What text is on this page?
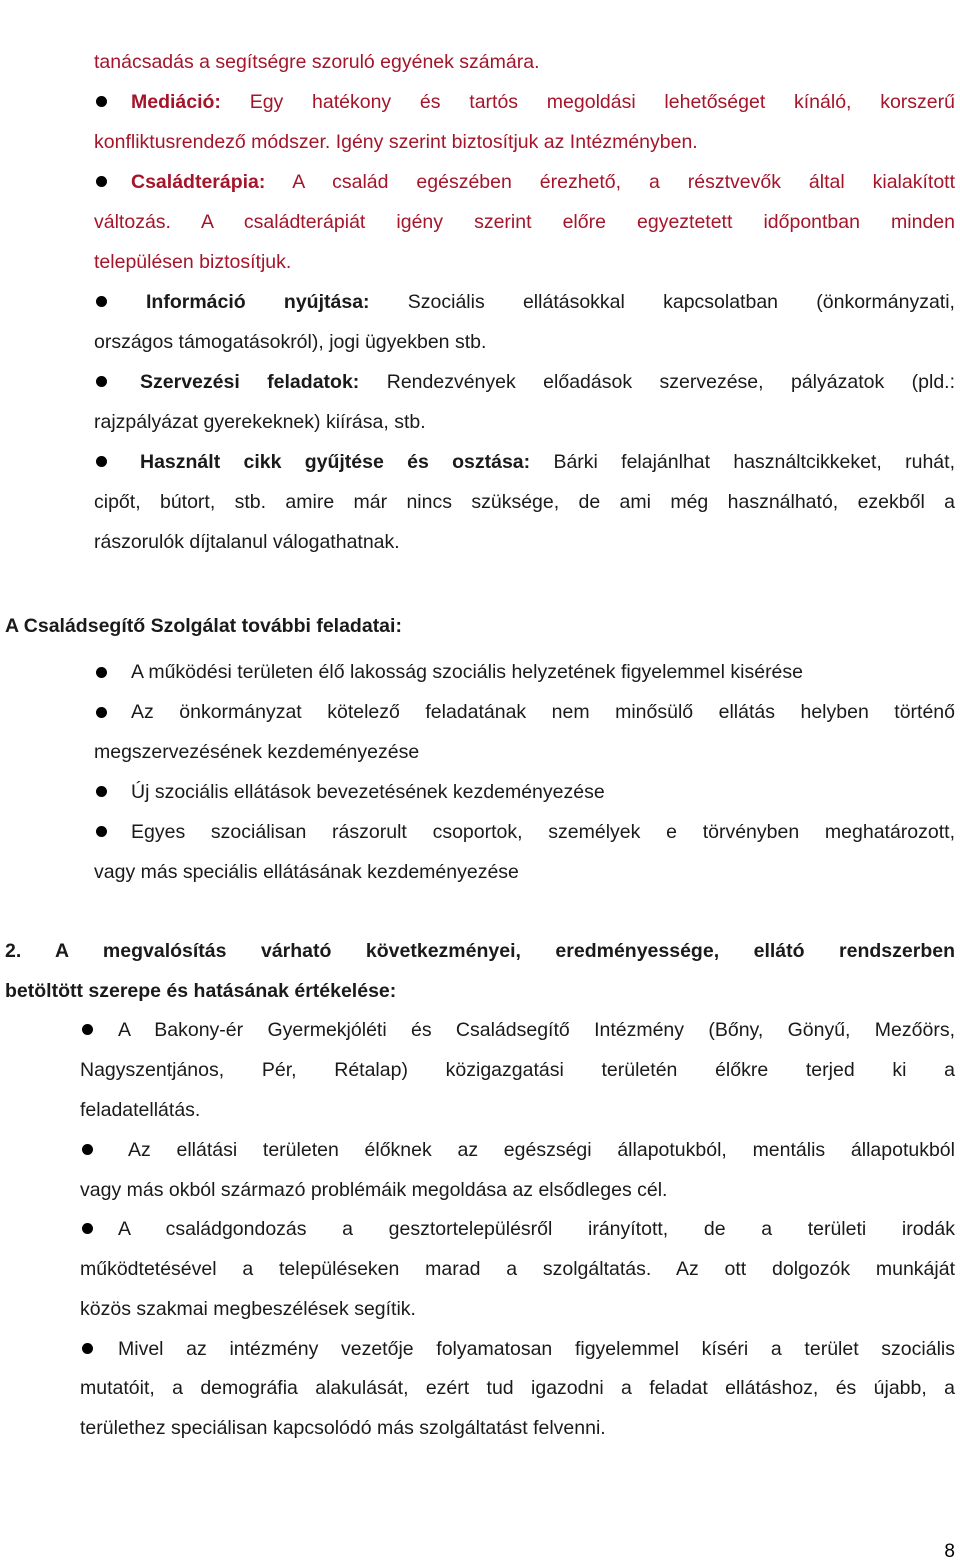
tanácsadás a segítségre szoruló egyének számára.
Mediáció: Egy hatékony és tartós megoldási lehetőséget kínáló, korszerű
konfliktusrendező módszer. Igény szerint biztosítjuk az Intézményben.
Családterápia: A család egészében érezhető, a résztvevők által kialakított
változás. A családterápiát igény szerint előre egyeztetett időpontban minden
településen biztosítjuk.
Információ nyújtása: Szociális ellátásokkal kapcsolatban (önkormányzati,
országos támogatásokról), jogi ügyekben stb.
Szervezési feladatok: Rendezvények előadások szervezése, pályázatok (pld.:
rajzpályázat gyerekeknek) kiírása, stb.
Használt cikk gyűjtése és osztása: Bárki felajánlhat használtcikkeket, ruhát,
cipőt, bútort, stb. amire már nincs szüksége, de ami még használható, ezekből a
rászorulók díjtalanul válogathatnak.
A Családsegítő Szolgálat további feladatai:
A működési területen élő lakosság szociális helyzetének figyelemmel kisérése
Az önkormányzat kötelező feladatának nem minősülő ellátás helyben történő
megszervezésének kezdeményezése
Új szociális ellátások bevezetésének kezdeményezése
Egyes szociálisan rászorult csoportok, személyek e törvényben meghatározott,
vagy más speciális ellátásának kezdeményezése
2. A megvalósítás várható következményei, eredményessége, ellátó rendszerben
betöltött szerepe és hatásának értékelése:
A Bakony-ér Gyermekjóléti és Családsegítő Intézmény (Bőny, Gönyű, Mezőörs,
Nagyszentjános, Pér, Rétalap) közigazgatási területén élőkre terjed ki a
feladatellátás.
Az ellátási területen élőknek az egészségi állapotukból, mentális állapotukból
vagy más okból származó problémáik megoldása az elsődleges cél.
A családgondozás a gesztortelepülésről irányított, de a területi irodák
működtetésével a településeken marad a szolgáltatás. Az ott dolgozók munkáját
közös szakmai megbeszélések segítik.
Mivel az intézmény vezetője folyamatosan figyelemmel kíséri a terület szociális
mutatóit, a demográfia alakulását, ezért tud igazodni a feladat ellátáshoz, és újabb, a
területhez speciálisan kapcsolódó más szolgáltatást felvenni.
8
